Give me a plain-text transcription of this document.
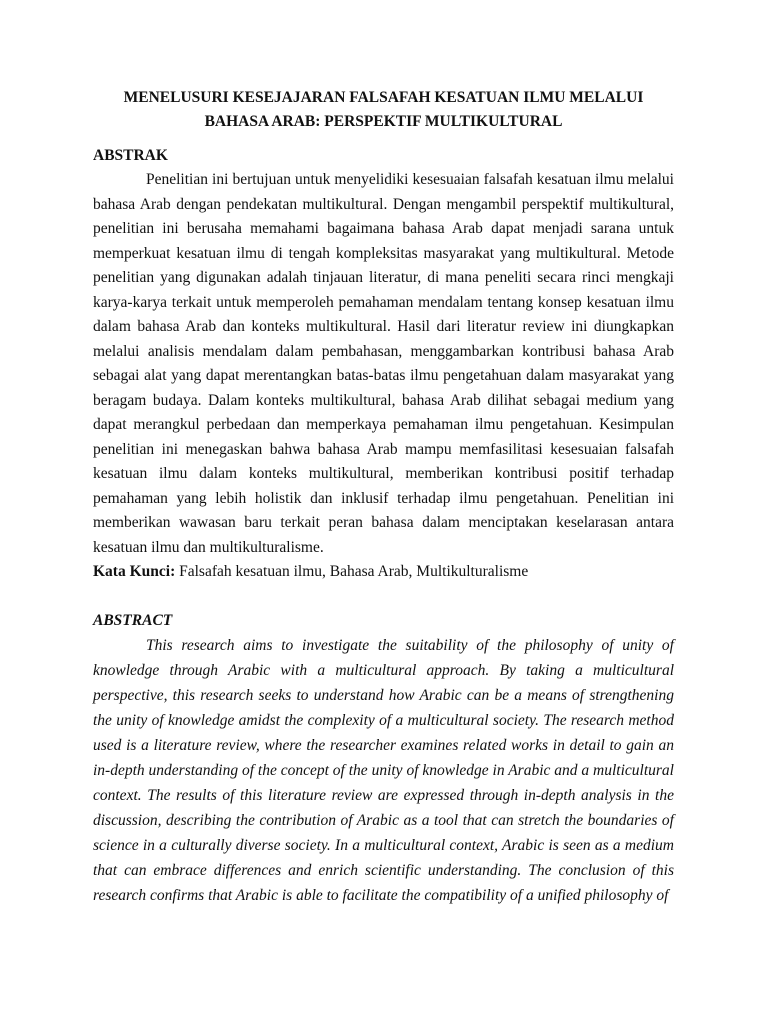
MENELUSURI KESEJAJARAN FALSAFAH KESATUAN ILMU MELALUI
BAHASA ARAB: PERSPEKTIF MULTIKULTURAL
ABSTRAK

Penelitian ini bertujuan untuk menyelidiki kesesuaian falsafah kesatuan ilmu melalui bahasa Arab dengan pendekatan multikultural. Dengan mengambil perspektif multikultural, penelitian ini berusaha memahami bagaimana bahasa Arab dapat menjadi sarana untuk memperkuat kesatuan ilmu di tengah kompleksitas masyarakat yang multikultural. Metode penelitian yang digunakan adalah tinjauan literatur, di mana peneliti secara rinci mengkaji karya-karya terkait untuk memperoleh pemahaman mendalam tentang konsep kesatuan ilmu dalam bahasa Arab dan konteks multikultural. Hasil dari literatur review ini diungkapkan melalui analisis mendalam dalam pembahasan, menggambarkan kontribusi bahasa Arab sebagai alat yang dapat merentangkan batas-batas ilmu pengetahuan dalam masyarakat yang beragam budaya. Dalam konteks multikultural, bahasa Arab dilihat sebagai medium yang dapat merangkul perbedaan dan memperkaya pemahaman ilmu pengetahuan. Kesimpulan penelitian ini menegaskan bahwa bahasa Arab mampu memfasilitasi kesesuaian falsafah kesatuan ilmu dalam konteks multikultural, memberikan kontribusi positif terhadap pemahaman yang lebih holistik dan inklusif terhadap ilmu pengetahuan. Penelitian ini memberikan wawasan baru terkait peran bahasa dalam menciptakan keselarasan antara kesatuan ilmu dan multikulturalisme.

Kata Kunci: Falsafah kesatuan ilmu, Bahasa Arab, Multikulturalisme

ABSTRACT

This research aims to investigate the suitability of the philosophy of unity of knowledge through Arabic with a multicultural approach. By taking a multicultural perspective, this research seeks to understand how Arabic can be a means of strengthening the unity of knowledge amidst the complexity of a multicultural society. The research method used is a literature review, where the researcher examines related works in detail to gain an in-depth understanding of the concept of the unity of knowledge in Arabic and a multicultural context. The results of this literature review are expressed through in-depth analysis in the discussion, describing the contribution of Arabic as a tool that can stretch the boundaries of science in a culturally diverse society. In a multicultural context, Arabic is seen as a medium that can embrace differences and enrich scientific understanding. The conclusion of this research confirms that Arabic is able to facilitate the compatibility of a unified philosophy of
